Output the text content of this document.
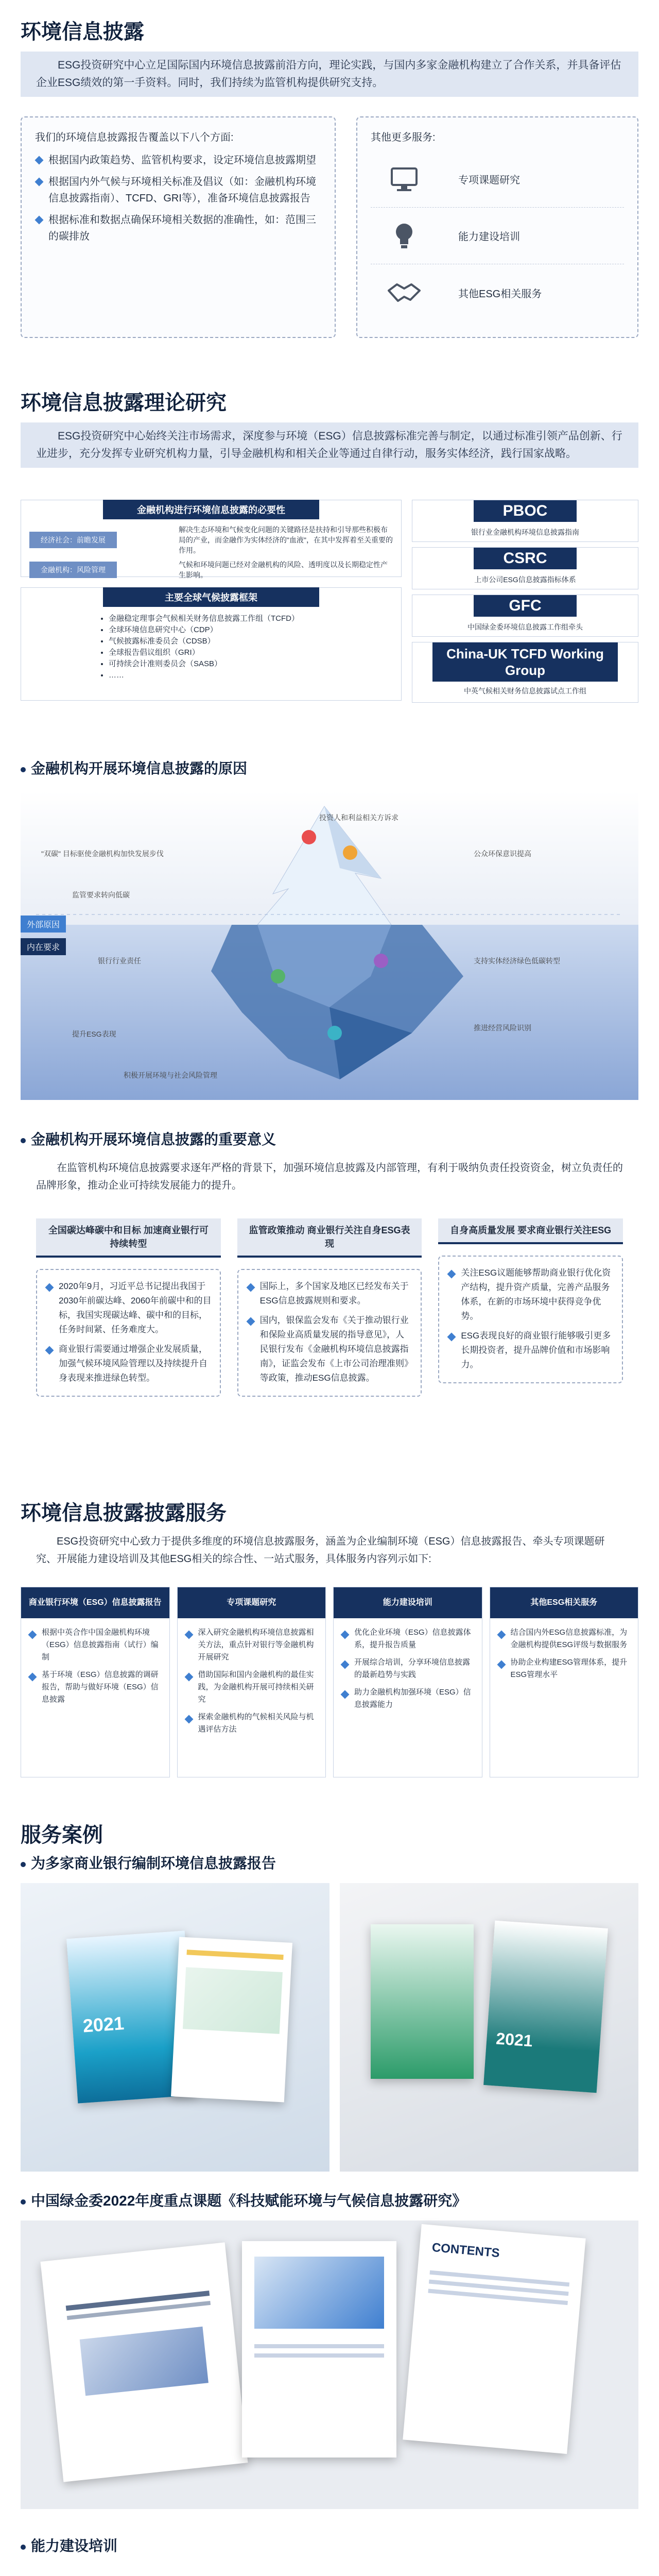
环境信息披露
ESG投资研究中心立足国际国内环境信息披露前沿方向，理论实践，与国内多家金融机构建立了合作关系，并具备评估企业ESG绩效的第一手资料。同时，我们持续为监管机构提供研究支持。
我们的环境信息披露报告覆盖以下八个方面:
根据国内政策趋势、监管机构要求，设定环境信息披露期望
根据国内外气候与环境相关标准及倡议（如：金融机构环境信息披露指南）、TCFD、GRI等），准备环境信息披露报告
根据标准和数据点确保环境相关数据的准确性，如：范围三的碳排放
其他更多服务:
专项课题研究
能力建设培训
其他ESG相关服务
环境信息披露理论研究
ESG投资研究中心始终关注市场需求，深度参与环境（ESG）信息披露标准完善与制定，以通过标准引领产品创新、行业进步，充分发挥专业研究机构力量，引导金融机构和相关企业等通过自律行动，服务实体经济，践行国家战略。
金融机构进行环境信息披露的必要性
经济社会：前瞻发展
解决生态环境和气候变化问题的关键路径是扶持和引导那些积极布局的产业，而金融作为实体经济的"血液"，在其中发挥着至关重要的作用。
金融机构：风险管理
气候和环境问题已经对金融机构的风险、透明度以及长期稳定性产生影响。
主要全球气候披露框架
• 金融稳定理事会气候相关财务信息披露工作组（TCFD）
• 全球环境信息研究中心（CDP）
• 气候披露标准委员会（CDSB）
• 全球报告倡议组织（GRI）
• 可持续会计准则委员会（SASB）
• ……
PBOC
银行业金融机构环境信息披露指南
CSRC
上市公司ESG信息披露指标体系
GFC
中国绿金委环境信息披露工作组牵头
China-UK TCFD Working Group
中英气候相关财务信息披露试点工作组
金融机构开展环境信息披露的原因
外部原因
内在要求
投资人和利益相关方诉求
"双碳" 目标驱使金融机构加快发展步伐
监管要求转向低碳
公众环保意识提高
银行行业责任	支持实体经济绿色低碳转型
提升ESG表现
推进经营风险识别
积极开展环境与社会风险管理
金融机构开展环境信息披露的重要意义
在监管机构环境信息披露要求逐年严格的背景下，加强环境信息披露及内部管理，有利于吸纳负责任投资资金，树立负责任的品牌形象，推动企业可持续发展能力的提升。
全国碳达峰碳中和目标 加速商业银行可持续转型
2020年9月，习近平总书记提出我国于2030年前碳达峰、2060年前碳中和的目标，我国实现碳达峰、碳中和的目标，任务时间紧、任务难度大。
商业银行需要通过增强企业发展质量，加强气候环境风险管理以及持续提升自身表现来推进绿色转型。
监管政策推动 商业银行关注自身ESG表现
国际上，多个国家及地区已经发布关于ESG信息披露规则和要求。
国内，银保监会发布《关于推动银行业和保险业高质量发展的指导意见》，人民银行发布《金融机构环境信息披露指南》，证监会发布《上市公司治理准则》等政策，推动ESG信息披露。
自身高质量发展 要求商业银行关注ESG
关注ESG议题能够帮助商业银行优化资产结构，提升资产质量，完善产品服务体系，在新的市场环境中获得竞争优势。
ESG表现良好的商业银行能够吸引更多长期投资者，提升品牌价值和市场影响力。
环境信息披露披露服务
ESG投资研究中心致力于提供多维度的环境信息披露服务，涵盖为企业编制环境（ESG）信息披露报告、牵头专项课题研究、开展能力建设培训及其他ESG相关的综合性、一站式服务，具体服务内容列示如下:
商业银行环境（ESG）信息披露报告
根据中英合作中国金融机构环境（ESG）信息披露指南（试行）编制
基于环境（ESG）信息披露的调研报告，帮助与做好环境（ESG）信息披露
专项课题研究
深入研究金融机构环境信息披露相关方法，重点针对银行等金融机构开展研究
借助国际和国内金融机构的最佳实践，为金融机构开展可持续相关研究
探索金融机构的气候相关风险与机遇评估方法
能力建设培训
优化企业环境（ESG）信息披露体系，提升报告质量
开展综合培训，分享环境信息披露的最新趋势与实践
助力金融机构加强环境（ESG）信息披露能力
其他ESG相关服务
结合国内外ESG信息披露标准，为金融机构提供ESG评级与数据服务
协助企业构建ESG管理体系，提升ESG管理水平
服务案例
为多家商业银行编制环境信息披露报告
2021
2021
中国绿金委2022年度重点课题《科技赋能环境与气候信息披露研究》
CONTENTS
能力建设培训
